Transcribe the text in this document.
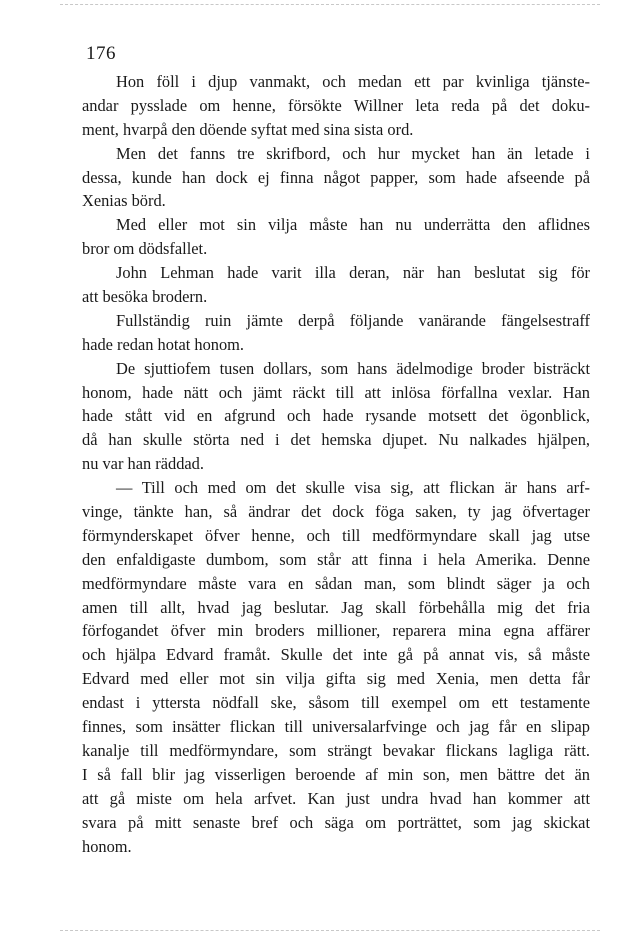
176
Hon föll i djup vanmakt, och medan ett par kvinliga tjänste-
andar pysslade om henne, försökte Willner leta reda på det doku-
ment, hvarpå den döende syftat med sina sista ord.
Men det fanns tre skrifbord, och hur mycket han än letade i
dessa, kunde han dock ej finna något papper, som hade afseende på
Xenias börd.
Med eller mot sin vilja måste han nu underrätta den aflidnes
bror om dödsfallet.
John Lehman hade varit illa deran, när han beslutat sig för
att besöka brodern.
Fullständig ruin jämte derpå följande vanärande fängelsestraff
hade redan hotat honom.
De sjuttiofem tusen dollars, som hans ädelmodige broder bisträckt
honom, hade nätt och jämt räckt till att inlösa förfallna vexlar. Han
hade stått vid en afgrund och hade rysande motsett det ögonblick,
då han skulle störta ned i det hemska djupet. Nu nalkades hjälpen,
nu var han räddad.
— Till och med om det skulle visa sig, att flickan är hans arf-
vinge, tänkte han, så ändrar det dock föga saken, ty jag öfvertager
förmynderskapet öfver henne, och till medförmyndare skall jag utse
den enfaldigaste dumbom, som står att finna i hela Amerika. Denne
medförmyndare måste vara en sådan man, som blindt säger ja och
amen till allt, hvad jag beslutar. Jag skall förbehålla mig det fria
förfogandet öfver min broders millioner, reparera mina egna affärer
och hjälpa Edvard framåt. Skulle det inte gå på annat vis, så måste
Edvard med eller mot sin vilja gifta sig med Xenia, men detta får
endast i yttersta nödfall ske, såsom till exempel om ett testamente
finnes, som insätter flickan till universalarfvinge och jag får en slipap
kanalje till medförmyndare, som strängt bevakar flickans lagliga rätt.
I så fall blir jag visserligen beroende af min son, men bättre det än
att gå miste om hela arfvet. Kan just undra hvad han kommer att
svara på mitt senaste bref och säga om porträttet, som jag skickat
honom.
